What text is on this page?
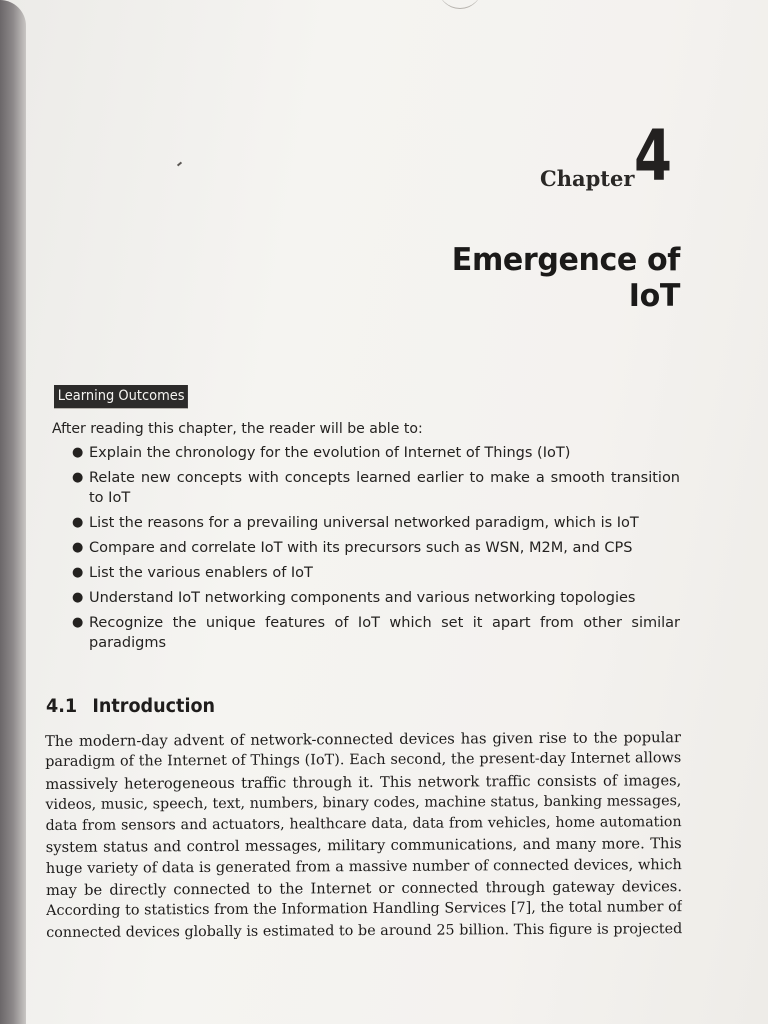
Chapter 4
Emergence of IoT
Learning Outcomes
After reading this chapter, the reader will be able to:
● Explain the chronology for the evolution of Internet of Things (IoT)
● Relate new concepts with concepts learned earlier to make a smooth transition to IoT
● List the reasons for a prevailing universal networked paradigm, which is IoT
● Compare and correlate IoT with its precursors such as WSN, M2M, and CPS
● List the various enablers of IoT
● Understand IoT networking components and various networking topologies
● Recognize the unique features of IoT which set it apart from other similar paradigms
4.1 Introduction
The modern-day advent of network-connected devices has given rise to the popular
paradigm of the Internet of Things (IoT). Each second, the present-day Internet allows
massively heterogeneous traffic through it. This network traffic consists of images,
videos, music, speech, text, numbers, binary codes, machine status, banking messages,
data from sensors and actuators, healthcare data, data from vehicles, home automation
system status and control messages, military communications, and many more. This
huge variety of data is generated from a massive number of connected devices, which
may be directly connected to the Internet or connected through gateway devices.
According to statistics from the Information Handling Services [7], the total number of
connected devices globally is estimated to be around 25 billion. This figure is projected
